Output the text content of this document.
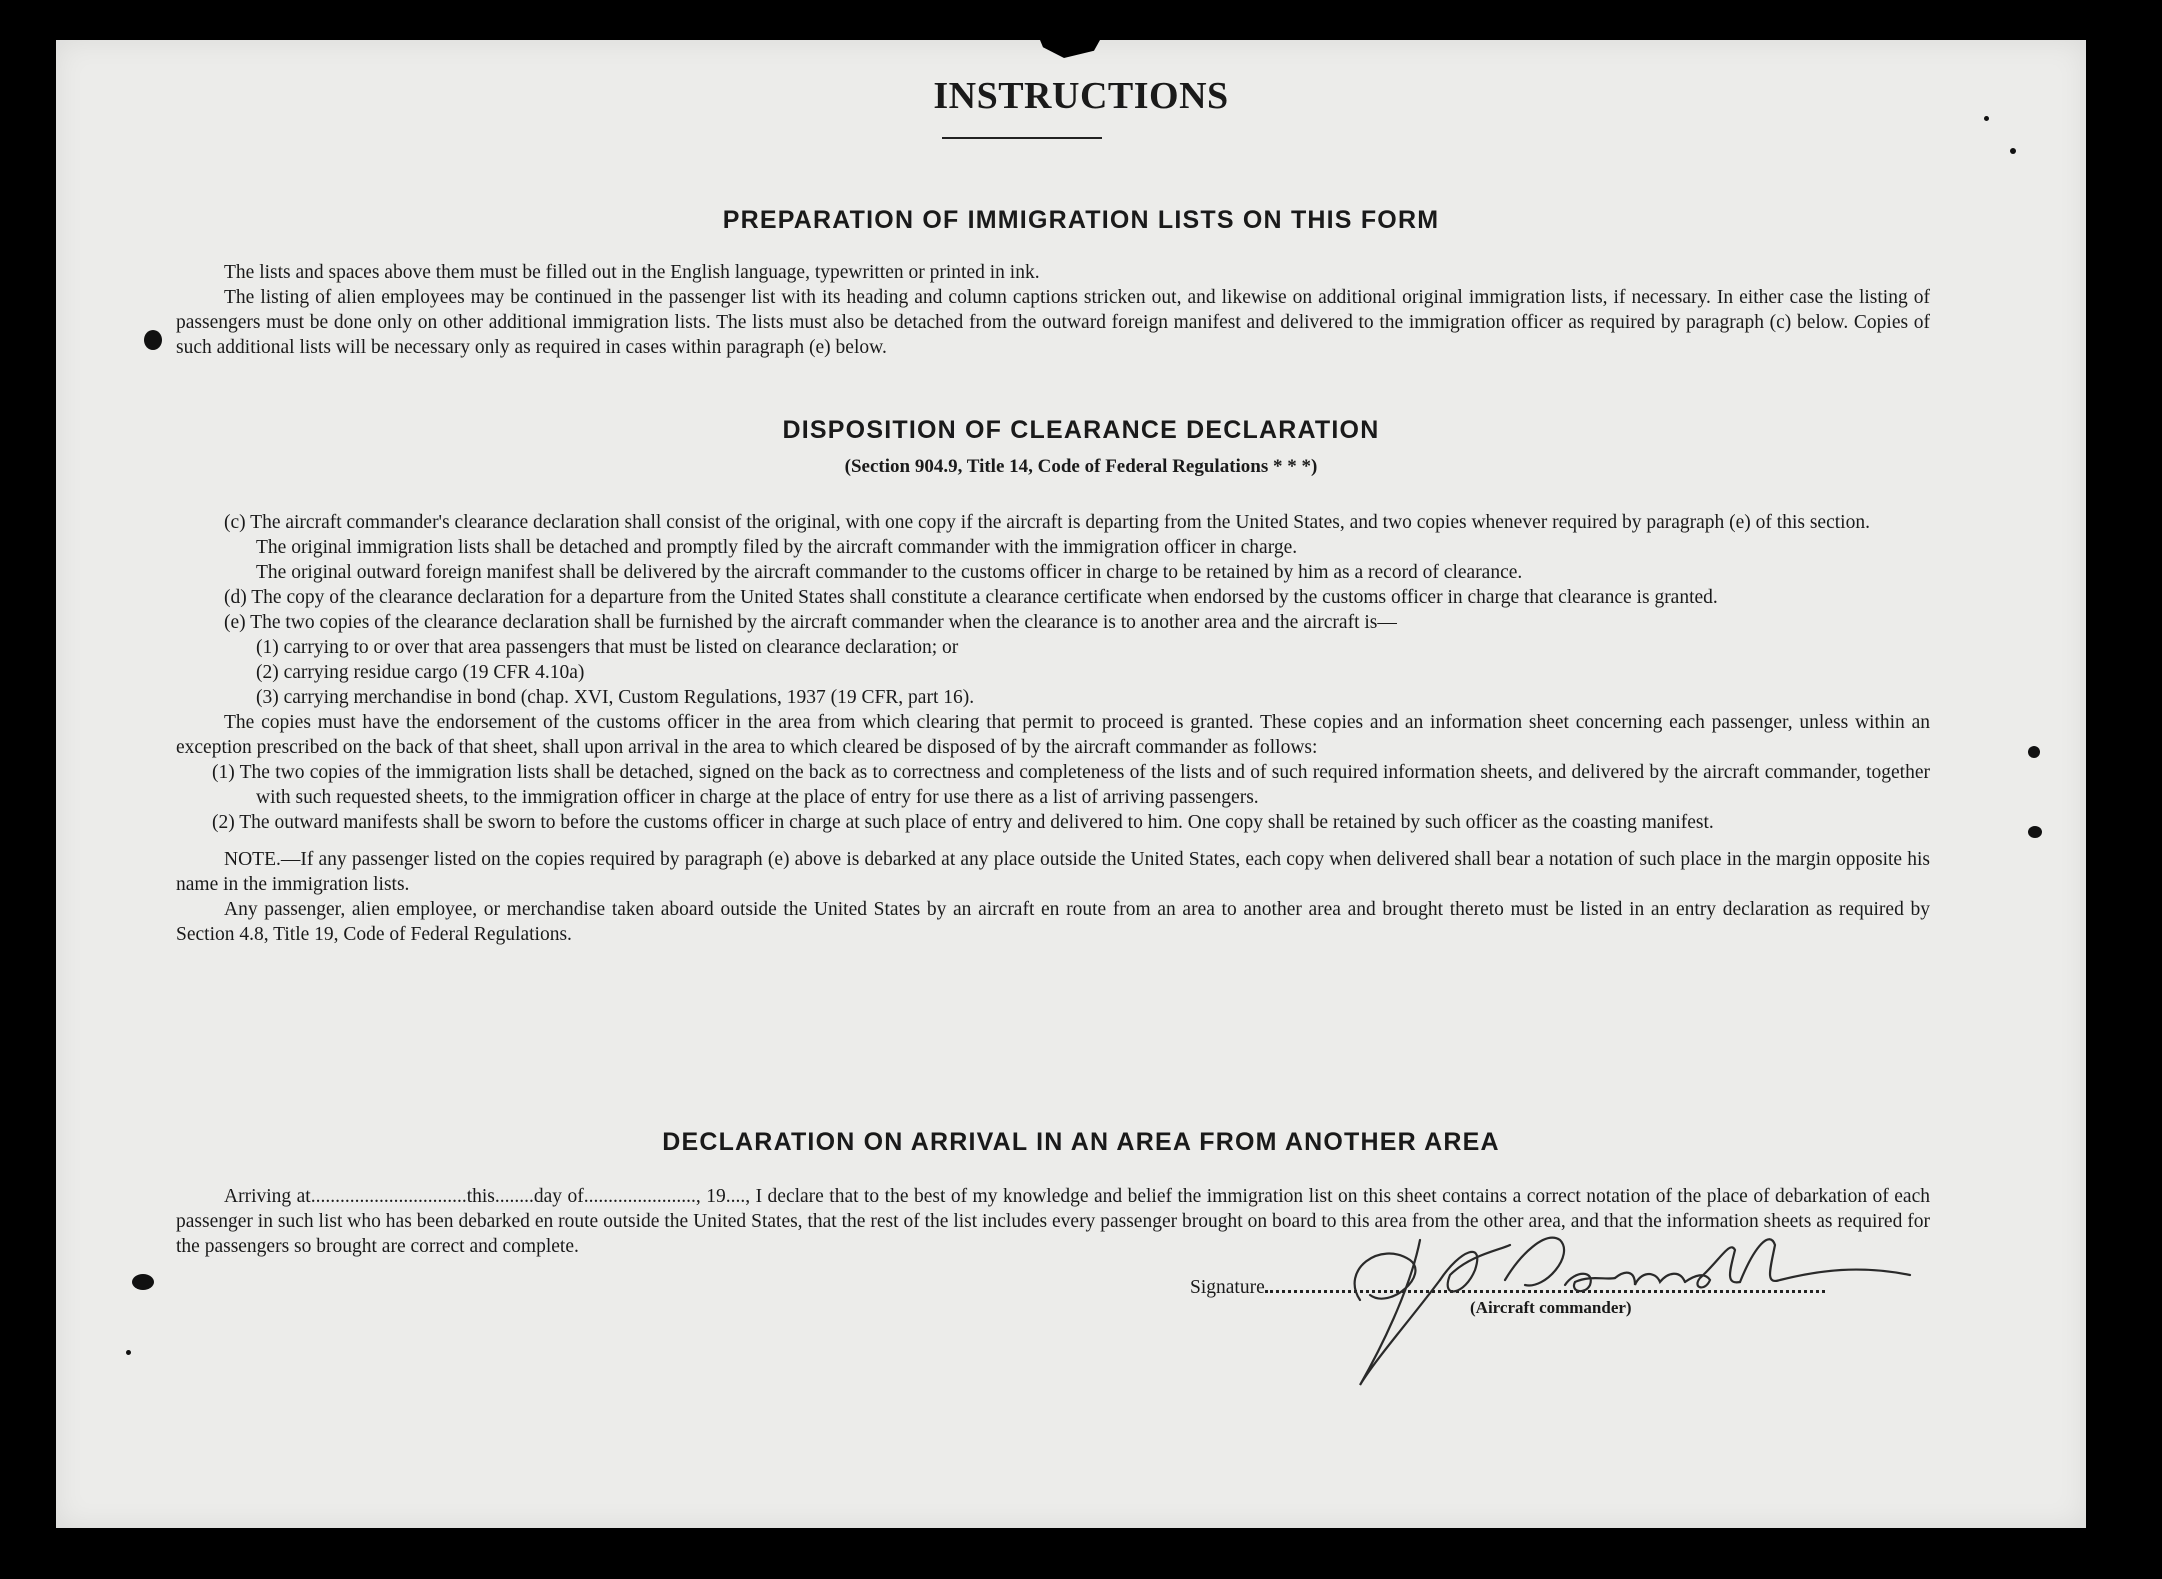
INSTRUCTIONS
PREPARATION OF IMMIGRATION LISTS ON THIS FORM

The lists and spaces above them must be filled out in the English language, typewritten or printed in ink.

The listing of alien employees may be continued in the passenger list with its heading and column captions stricken out, and likewise on additional original immigration lists, if necessary. In either case the listing of passengers must be done only on other additional immigration lists. The lists must also be detached from the outward foreign manifest and delivered to the immigration officer as required by paragraph (c) below. Copies of such additional lists will be necessary only as required in cases within paragraph (e) below.

DISPOSITION OF CLEARANCE DECLARATION
(Section 904.9, Title 14, Code of Federal Regulations * * *)

(c) The aircraft commander's clearance declaration shall consist of the original, with one copy if the aircraft is departing from the United States, and two copies whenever required by paragraph (e) of this section.

The original immigration lists shall be detached and promptly filed by the aircraft commander with the immigration officer in charge.

The original outward foreign manifest shall be delivered by the aircraft commander to the customs officer in charge to be retained by him as a record of clearance.

(d) The copy of the clearance declaration for a departure from the United States shall constitute a clearance certificate when endorsed by the customs officer in charge that clearance is granted.

(e) The two copies of the clearance declaration shall be furnished by the aircraft commander when the clearance is to another area and the aircraft is—

(1) carrying to or over that area passengers that must be listed on clearance declaration; or

(2) carrying residue cargo (19 CFR 4.10a)

(3) carrying merchandise in bond (chap. XVI, Custom Regulations, 1937 (19 CFR, part 16).

The copies must have the endorsement of the customs officer in the area from which clearing that permit to proceed is granted. These copies and an information sheet concerning each passenger, unless within an exception prescribed on the back of that sheet, shall upon arrival in the area to which cleared be disposed of by the aircraft commander as follows:

(1) The two copies of the immigration lists shall be detached, signed on the back as to correctness and completeness of the lists and of such required information sheets, and delivered by the aircraft commander, together with such requested sheets, to the immigration officer in charge at the place of entry for use there as a list of arriving passengers.

(2) The outward manifests shall be sworn to before the customs officer in charge at such place of entry and delivered to him. One copy shall be retained by such officer as the coasting manifest.

NOTE.—If any passenger listed on the copies required by paragraph (e) above is debarked at any place outside the United States, each copy when delivered shall bear a notation of such place in the margin opposite his name in the immigration lists.

Any passenger, alien employee, or merchandise taken aboard outside the United States by an aircraft en route from an area to another area and brought thereto must be listed in an entry declaration as required by Section 4.8, Title 19, Code of Federal Regulations.

DECLARATION ON ARRIVAL IN AN AREA FROM ANOTHER AREA

Arriving at................................this........day of......................., 19...., I declare that to the best of my knowledge and belief the immigration list on this sheet contains a correct notation of the place of debarkation of each passenger in such list who has been debarked en route outside the United States, that the rest of the list includes every passenger brought on board to this area from the other area, and that the information sheets as required for the passengers so brought are correct and complete.

Signature
(Aircraft commander)
